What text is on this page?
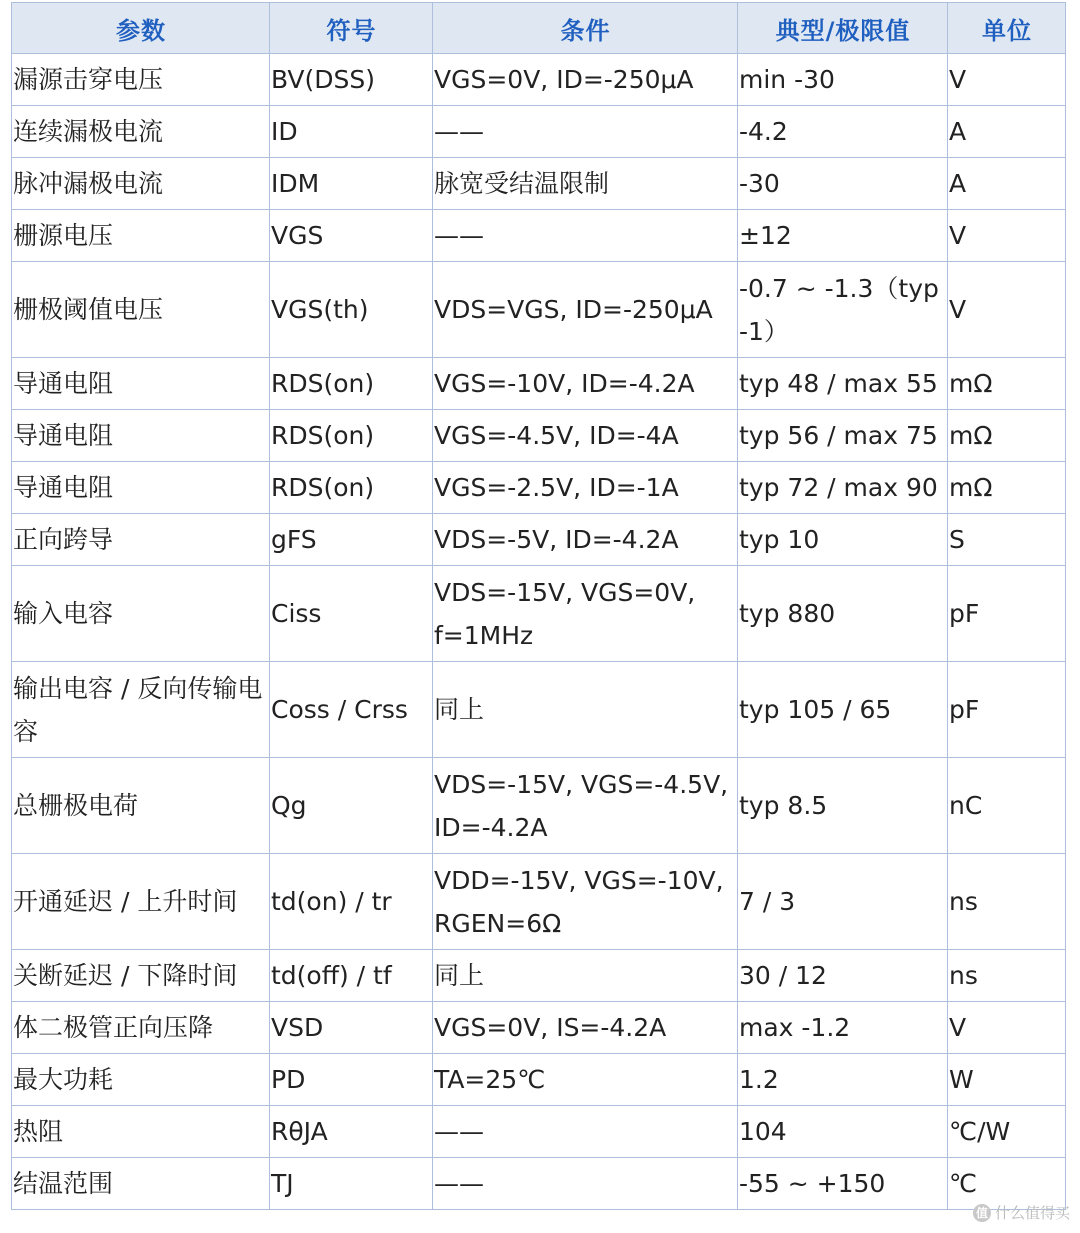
参数	符号	条件	典型/极限值	单位
漏源击穿电压	BV(DSS)	VGS=0V, ID=-250μA	min -30	V
连续漏极电流	ID	——	-4.2	A
脉冲漏极电流	IDM	脉宽受结温限制	-30	A
栅源电压	VGS	——	±12	V
栅极阈值电压	VGS(th)	VDS=VGS, ID=-250μA	-0.7 ~ -1.3（typ -1）	V
导通电阻	RDS(on)	VGS=-10V, ID=-4.2A	typ 48 / max 55	mΩ
导通电阻	RDS(on)	VGS=-4.5V, ID=-4A	typ 56 / max 75	mΩ
导通电阻	RDS(on)	VGS=-2.5V, ID=-1A	typ 72 / max 90	mΩ
正向跨导	gFS	VDS=-5V, ID=-4.2A	typ 10	S
输入电容	Ciss	VDS=-15V, VGS=0V, f=1MHz	typ 880	pF
输出电容 / 反向传输电容	Coss / Crss	同上	typ 105 / 65	pF
总栅极电荷	Qg	VDS=-15V, VGS=-4.5V, ID=-4.2A	typ 8.5	nC
开通延迟 / 上升时间	td(on) / tr	VDD=-15V, VGS=-10V, RGEN=6Ω	7 / 3	ns
关断延迟 / 下降时间	td(off) / tf	同上	30 / 12	ns
体二极管正向压降	VSD	VGS=0V, IS=-4.2A	max -1.2	V
最大功耗	PD	TA=25℃	1.2	W
热阻	RθJA	——	104	℃/W
结温范围	TJ	——	-55 ~ +150	℃
值 什么值得买
